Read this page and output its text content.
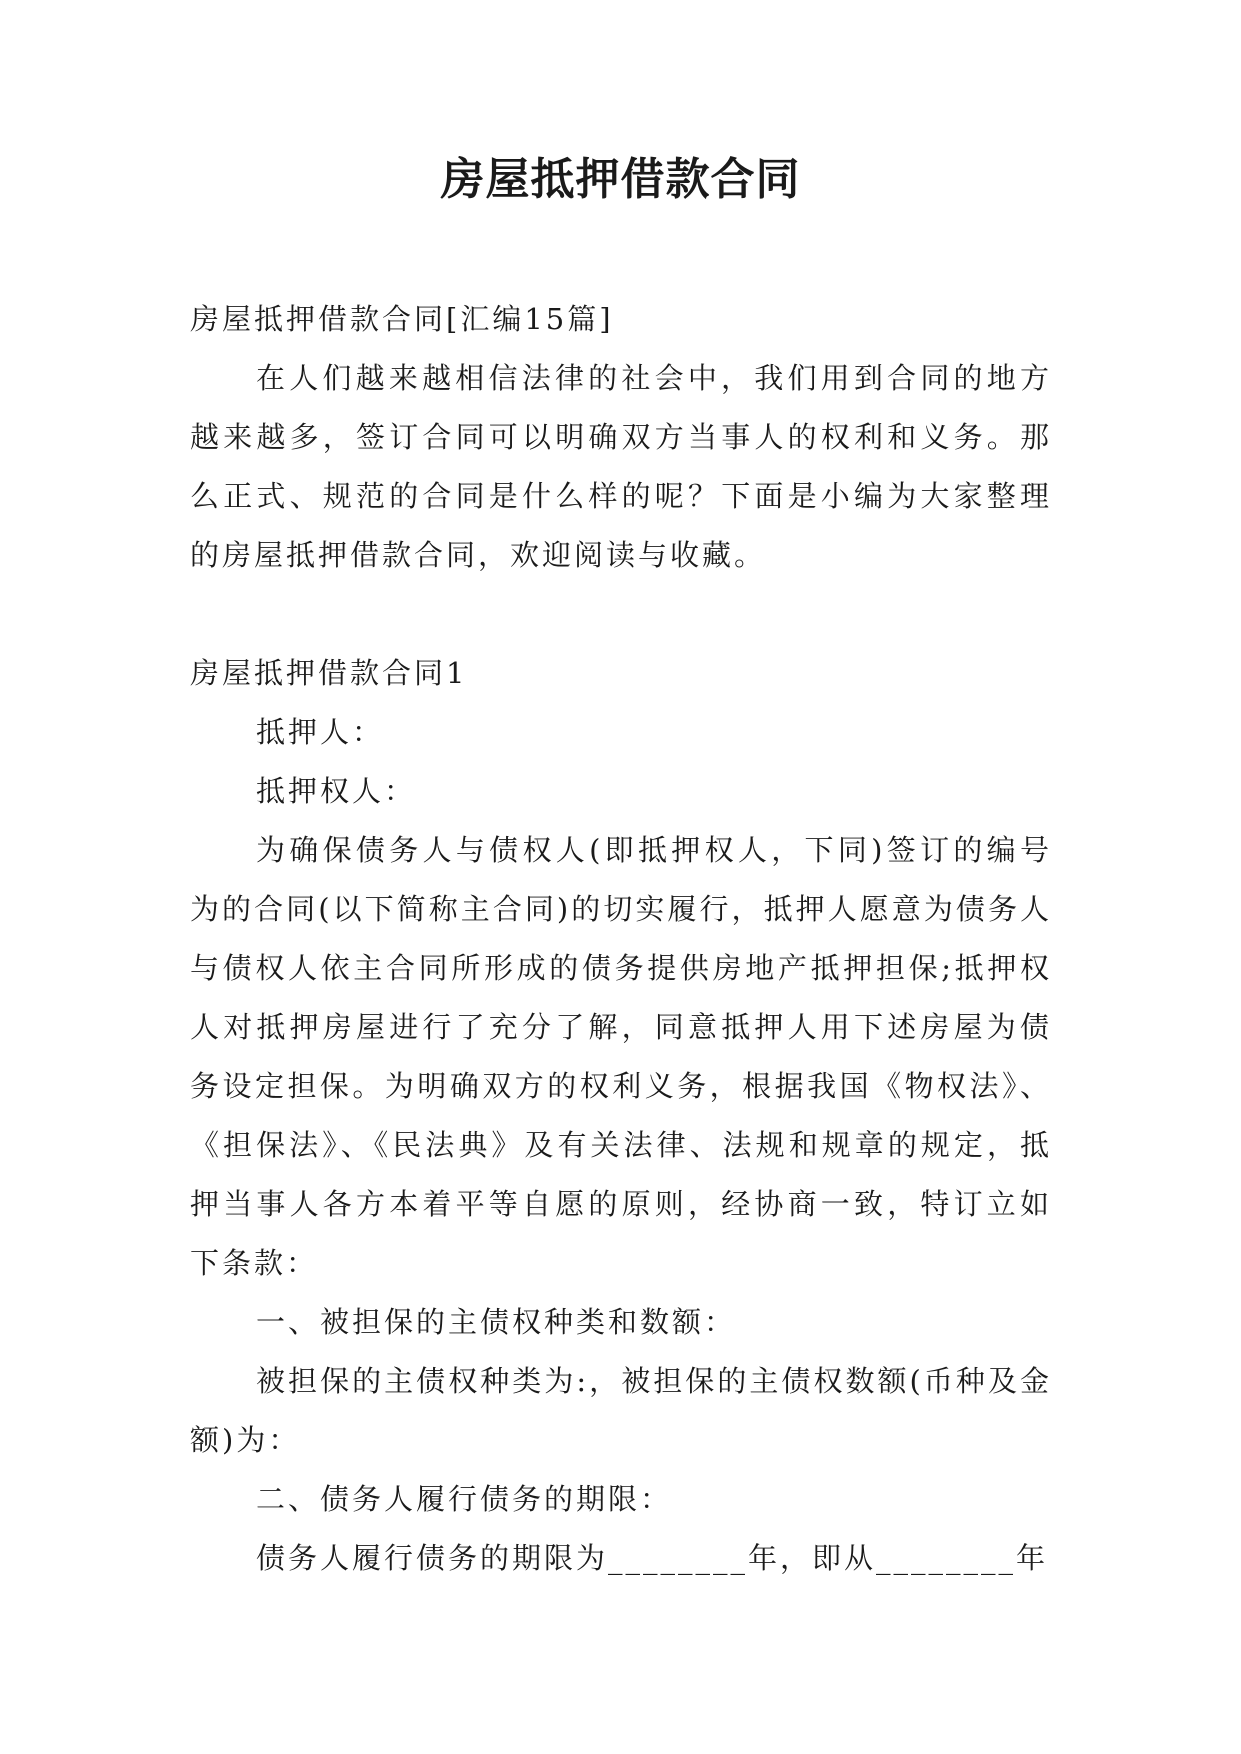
房屋抵押借款合同

房屋抵押借款合同[汇编15篇]

在人们越来越相信法律的社会中，我们用到合同的地方越来越多，签订合同可以明确双方当事人的权利和义务。那么正式、规范的合同是什么样的呢？下面是小编为大家整理的房屋抵押借款合同，欢迎阅读与收藏。

房屋抵押借款合同1

抵押人：

抵押权人：

为确保债务人与债权人(即抵押权人，下同)签订的编号为的合同(以下简称主合同)的切实履行，抵押人愿意为债务人与债权人依主合同所形成的债务提供房地产抵押担保;抵押权人对抵押房屋进行了充分了解，同意抵押人用下述房屋为债务设定担保。为明确双方的权利义务，根据我国《物权法》、《担保法》、《民法典》及有关法律、法规和规章的规定，抵押当事人各方本着平等自愿的原则，经协商一致，特订立如下条款：

一、被担保的主债权种类和数额：

被担保的主债权种类为:，被担保的主债权数额(币种及金额)为：

二、债务人履行债务的期限：

债务人履行债务的期限为________年，即从________年
